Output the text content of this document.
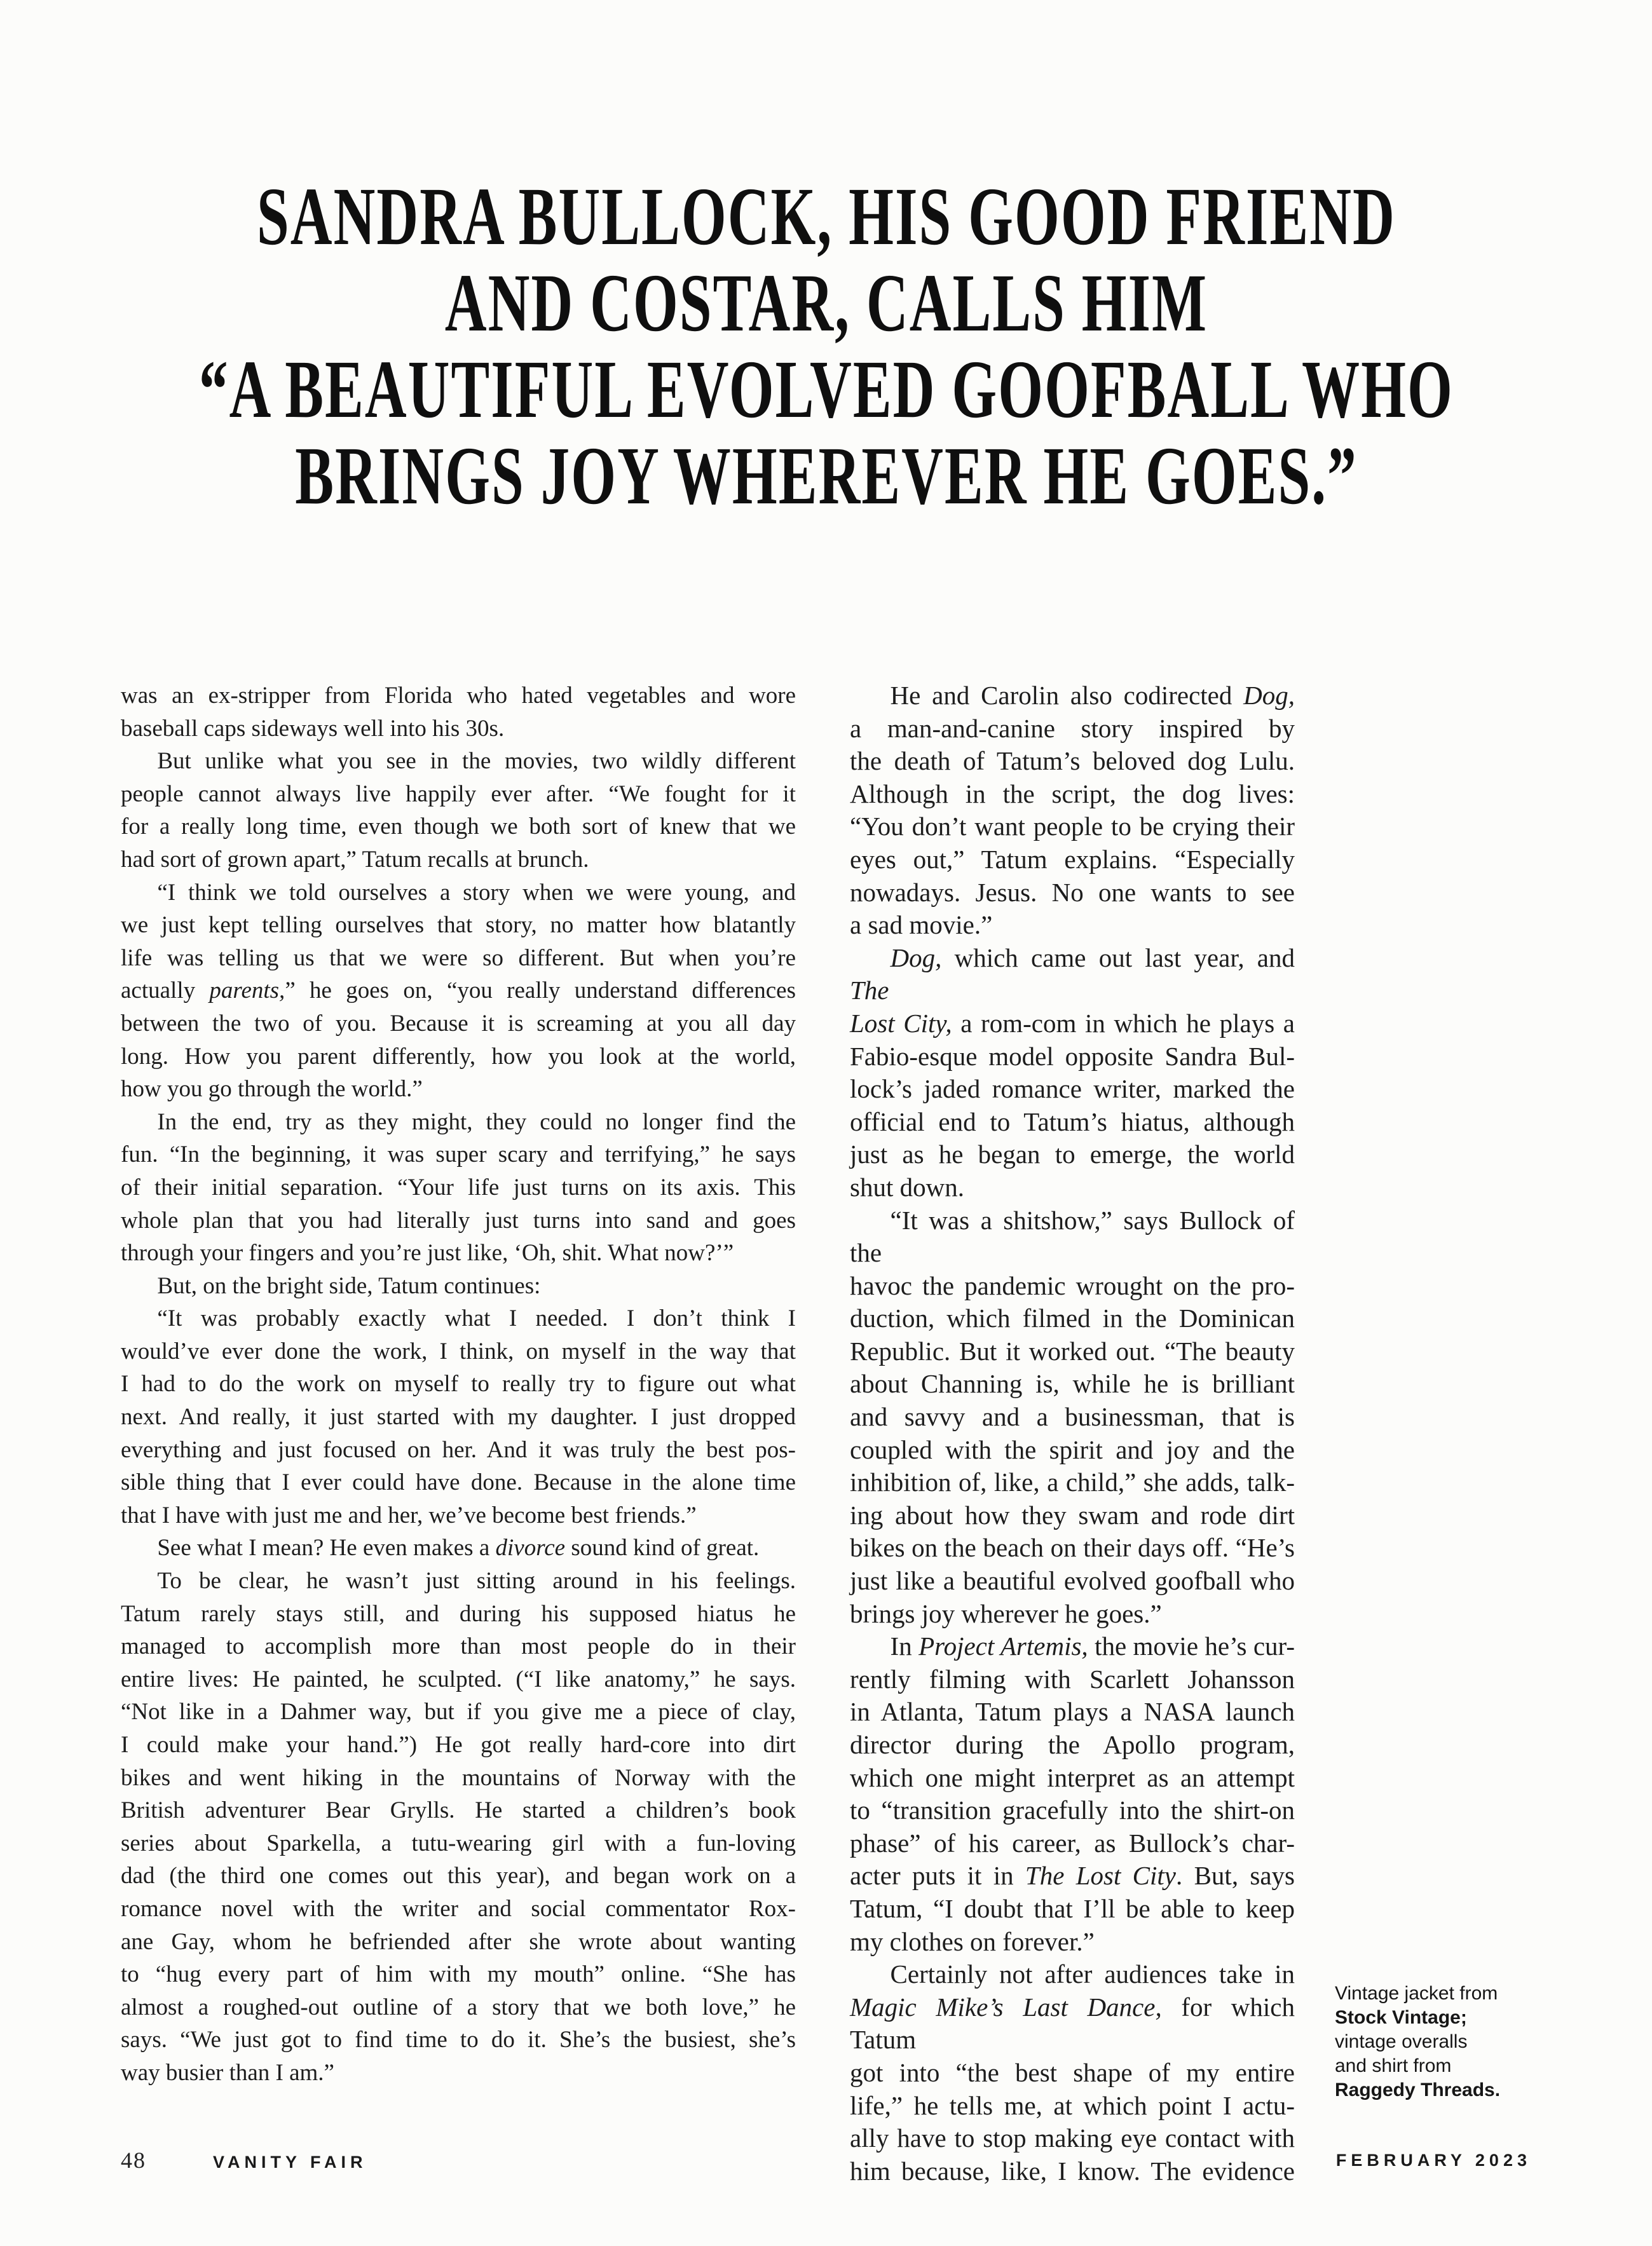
SANDRA BULLOCK, HIS GOOD FRIEND
AND COSTAR, CALLS HIM
“A BEAUTIFUL EVOLVED GOOFBALL WHO
BRINGS JOY WHEREVER HE GOES.”
was an ex-stripper from Florida who hated vegetables and wore
baseball caps sideways well into his 30s.
But unlike what you see in the movies, two wildly different
people cannot always live happily ever after. “We fought for it
for a really long time, even though we both sort of knew that we
had sort of grown apart,” Tatum recalls at brunch.
“I think we told ourselves a story when we were young, and
we just kept telling ourselves that story, no matter how blatantly
life was telling us that we were so different. But when you’re
actually parents,” he goes on, “you really understand differences
between the two of you. Because it is screaming at you all day
long. How you parent differently, how you look at the world,
how you go through the world.”
In the end, try as they might, they could no longer find the
fun. “In the beginning, it was super scary and terrifying,” he says
of their initial separation. “Your life just turns on its axis. This
whole plan that you had literally just turns into sand and goes
through your fingers and you’re just like, ‘Oh, shit. What now?’”
But, on the bright side, Tatum continues:
“It was probably exactly what I needed. I don’t think I
would’ve ever done the work, I think, on myself in the way that
I had to do the work on myself to really try to figure out what
next. And really, it just started with my daughter. I just dropped
everything and just focused on her. And it was truly the best pos-
sible thing that I ever could have done. Because in the alone time
that I have with just me and her, we’ve become best friends.”
See what I mean? He even makes a divorce sound kind of great.
To be clear, he wasn’t just sitting around in his feelings.
Tatum rarely stays still, and during his supposed hiatus he
managed to accomplish more than most people do in their
entire lives: He painted, he sculpted. (“I like anatomy,” he says.
“Not like in a Dahmer way, but if you give me a piece of clay,
I could make your hand.”) He got really hard-core into dirt
bikes and went hiking in the mountains of Norway with the
British adventurer Bear Grylls. He started a children’s book
series about Sparkella, a tutu-wearing girl with a fun-loving
dad (the third one comes out this year), and began work on a
romance novel with the writer and social commentator Rox-
ane Gay, whom he befriended after she wrote about wanting
to “hug every part of him with my mouth” online. “She has
almost a roughed-out outline of a story that we both love,” he
says. “We just got to find time to do it. She’s the busiest, she’s
way busier than I am.”
He and Carolin also codirected Dog,
a man-and-canine story inspired by
the death of Tatum’s beloved dog Lulu.
Although in the script, the dog lives:
“You don’t want people to be crying their
eyes out,” Tatum explains. “Especially
nowadays. Jesus. No one wants to see
a sad movie.”
Dog, which came out last year, and The
Lost City, a rom-com in which he plays a
Fabio-esque model opposite Sandra Bul-
lock’s jaded romance writer, marked the
official end to Tatum’s hiatus, although
just as he began to emerge, the world
shut down.
“It was a shitshow,” says Bullock of the
havoc the pandemic wrought on the pro-
duction, which filmed in the Dominican
Republic. But it worked out. “The beauty
about Channing is, while he is brilliant
and savvy and a businessman, that is
coupled with the spirit and joy and the
inhibition of, like, a child,” she adds, talk-
ing about how they swam and rode dirt
bikes on the beach on their days off. “He’s
just like a beautiful evolved goofball who
brings joy wherever he goes.”
In Project Artemis, the movie he’s cur-
rently filming with Scarlett Johansson
in Atlanta, Tatum plays a NASA launch
director during the Apollo program,
which one might interpret as an attempt
to “transition gracefully into the shirt-on
phase” of his career, as Bullock’s char-
acter puts it in The Lost City. But, says
Tatum, “I doubt that I’ll be able to keep
my clothes on forever.”
Certainly not after audiences take in
Magic Mike’s Last Dance, for which Tatum
got into “the best shape of my entire
life,” he tells me, at which point I actu-
ally have to stop making eye contact with
him because, like, I know. The evidence
Vintage jacket from
Stock Vintage;
vintage overalls
and shirt from
Raggedy Threads.
48	VANITY FAIR	FEBRUARY 2023
